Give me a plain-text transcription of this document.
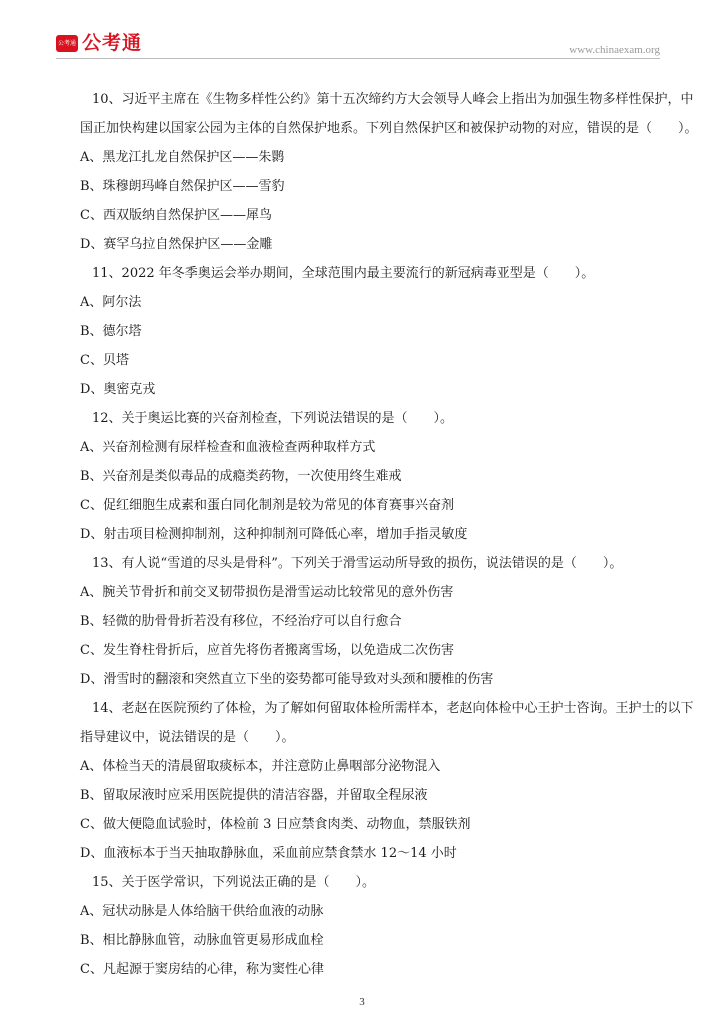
公考通 公考通	www.chinaexam.org
10、习近平主席在《生物多样性公约》第十五次缔约方大会领导人峰会上指出为加强生物多样性保护，中
国正加快构建以国家公园为主体的自然保护地系。下列自然保护区和被保护动物的对应，错误的是（　　）。
A、黑龙江扎龙自然保护区——朱鹮
B、珠穆朗玛峰自然保护区——雪豹
C、西双版纳自然保护区——犀鸟
D、赛罕乌拉自然保护区——金雕
11、2022 年冬季奥运会举办期间，全球范围内最主要流行的新冠病毒亚型是（　　）。
A、阿尔法
B、德尔塔
C、贝塔
D、奥密克戎
12、关于奥运比赛的兴奋剂检查，下列说法错误的是（　　）。
A、兴奋剂检测有尿样检查和血液检查两种取样方式
B、兴奋剂是类似毒品的成瘾类药物，一次使用终生难戒
C、促红细胞生成素和蛋白同化制剂是较为常见的体育赛事兴奋剂
D、射击项目检测抑制剂，这种抑制剂可降低心率，增加手指灵敏度
13、有人说“雪道的尽头是骨科”。下列关于滑雪运动所导致的损伤，说法错误的是（　　）。
A、腕关节骨折和前交叉韧带损伤是滑雪运动比较常见的意外伤害
B、轻微的肋骨骨折若没有移位，不经治疗可以自行愈合
C、发生脊柱骨折后，应首先将伤者搬离雪场，以免造成二次伤害
D、滑雪时的翻滚和突然直立下坐的姿势都可能导致对头颈和腰椎的伤害
14、老赵在医院预约了体检，为了解如何留取体检所需样本，老赵向体检中心王护士咨询。王护士的以下
指导建议中，说法错误的是（　　）。
A、体检当天的清晨留取痰标本，并注意防止鼻咽部分泌物混入
B、留取尿液时应采用医院提供的清洁容器，并留取全程尿液
C、做大便隐血试验时，体检前 3 日应禁食肉类、动物血，禁服铁剂
D、血液标本于当天抽取静脉血，采血前应禁食禁水 12～14 小时
15、关于医学常识，下列说法正确的是（　　）。
A、冠状动脉是人体给脑干供给血液的动脉
B、相比静脉血管，动脉血管更易形成血栓
C、凡起源于窦房结的心律，称为窦性心律
3
